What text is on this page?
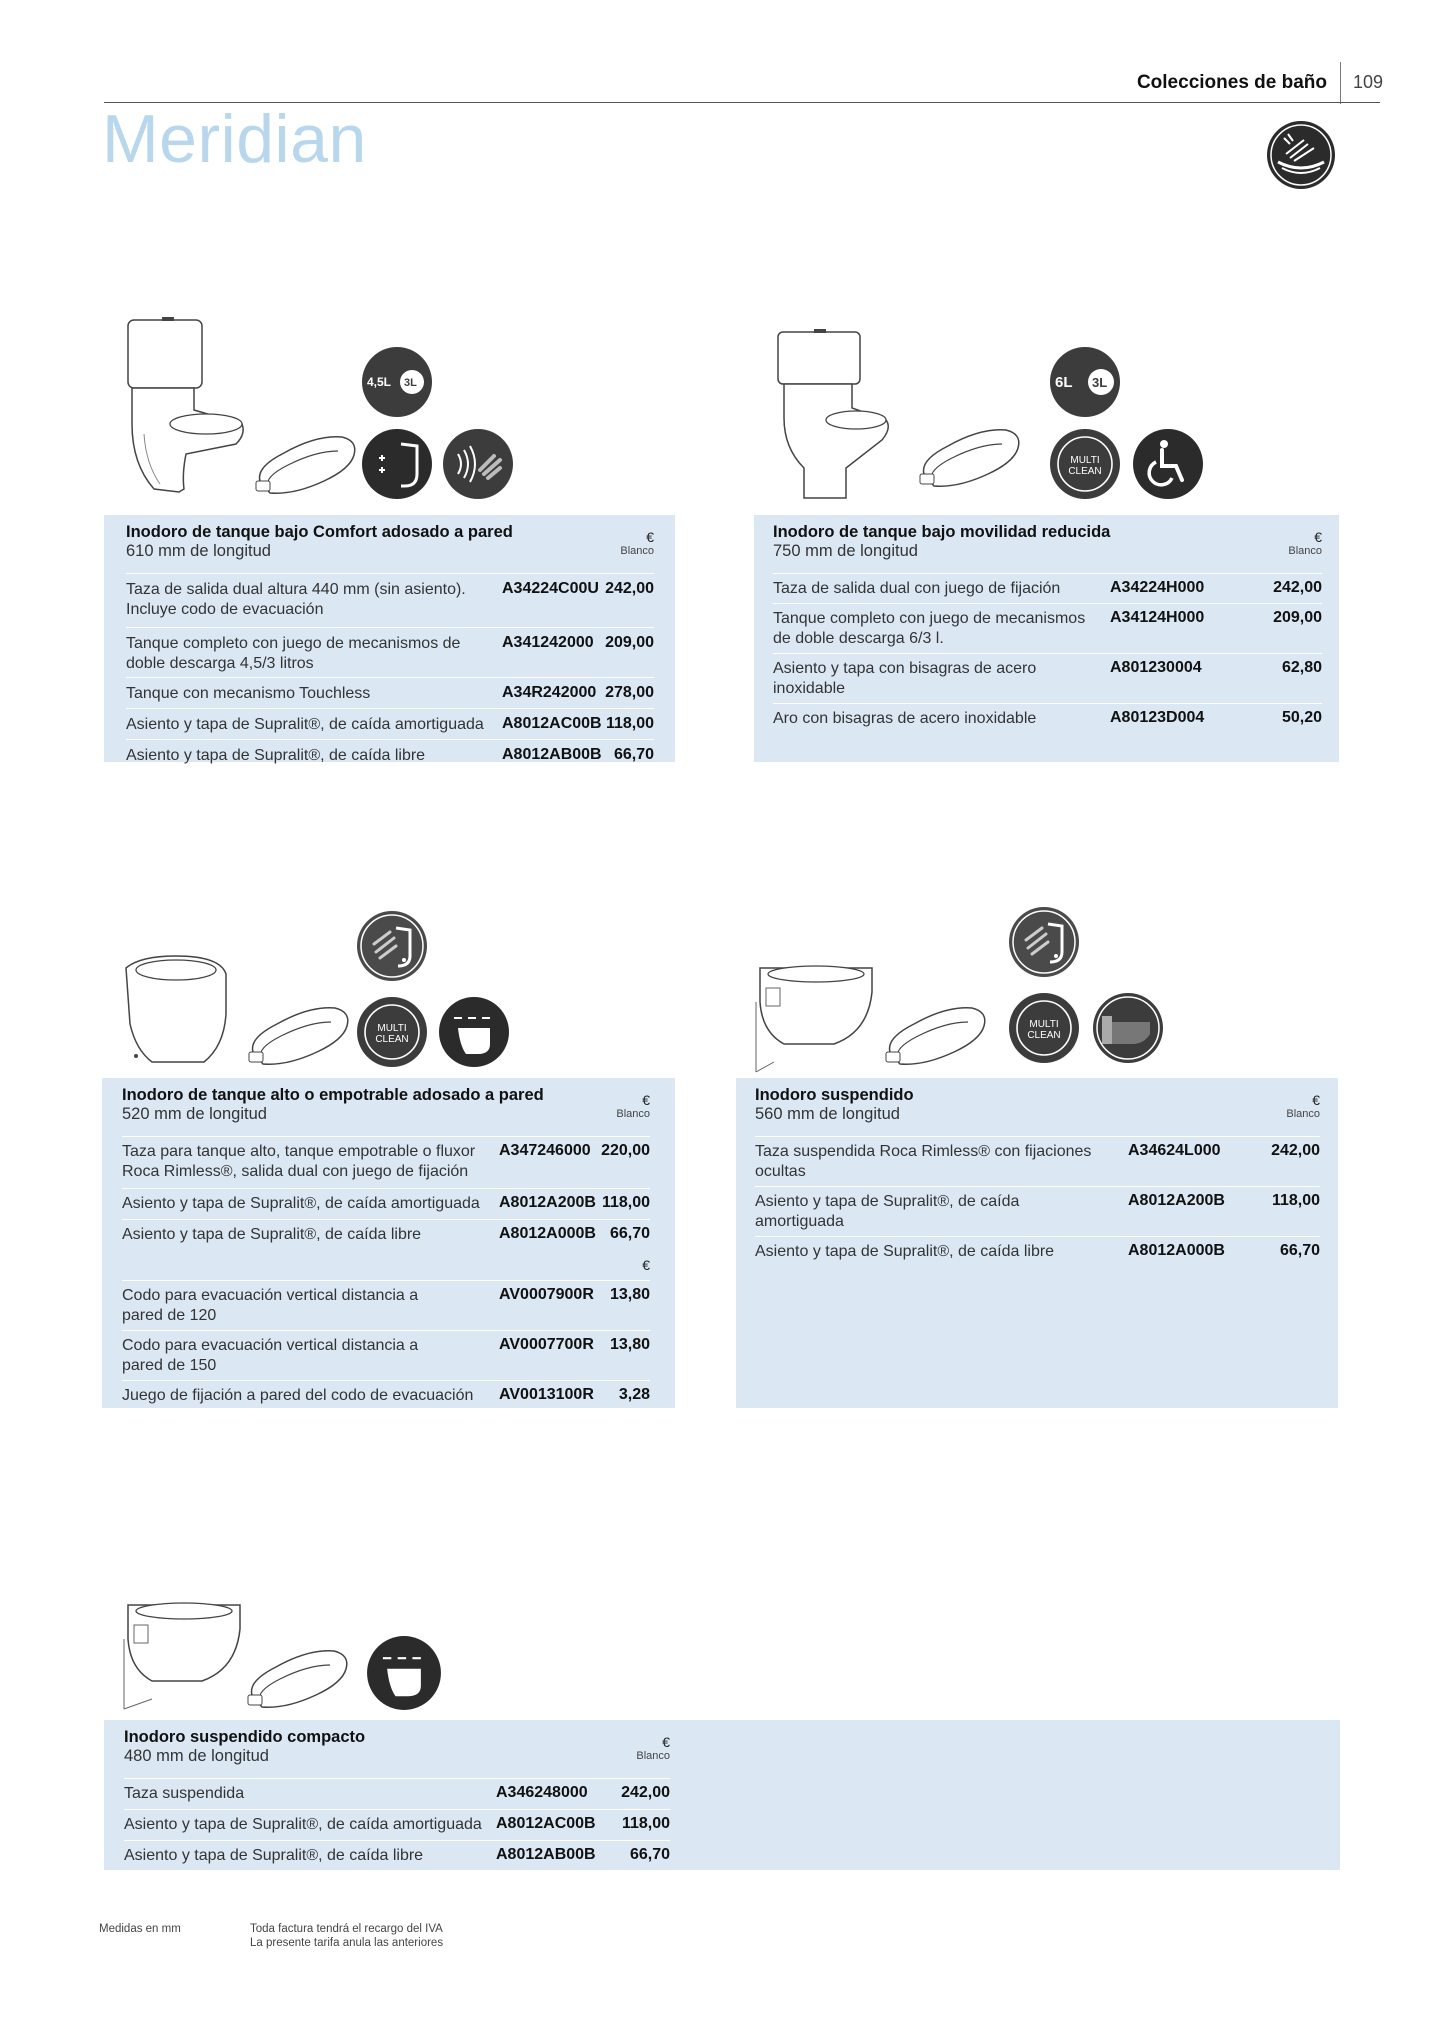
Colecciones de baño 109
Meridian
4,5L 3L
Inodoro de tanque bajo Comfort adosado a pared
610 mm de longitud
€
Blanco
Taza de salida dual altura 440 mm (sin asiento). Incluye codo de evacuación
A34224C00U 242,00
Tanque completo con juego de mecanismos de doble descarga 4,5/3 litros
A341242000 209,00
Tanque con mecanismo Touchless	A34R242000 278,00
Asiento y tapa de Supralit®, de caída amortiguada	A8012AC00B 118,00
Asiento y tapa de Supralit®, de caída libre	A8012AB00B 66,70
6L 3L
MULTI
CLEAN
Inodoro de tanque bajo movilidad reducida
750 mm de longitud
€
Blanco
Taza de salida dual con juego de fijación	A34224H000	242,00
Tanque completo con juego de mecanismos de doble descarga 6/3 l.
A34124H000	209,00
Asiento y tapa con bisagras de acero inoxidable
A801230004	62,80
Aro con bisagras de acero inoxidable	A80123D004	50,20
MULTI
CLEAN
Inodoro de tanque alto o empotrable adosado a pared
520 mm de longitud
€
Blanco
Taza para tanque alto, tanque empotrable o fluxor Roca Rimless®, salida dual con juego de fijación
A347246000 220,00
Asiento y tapa de Supralit®, de caída amortiguada	A8012A200B 118,00
Asiento y tapa de Supralit®, de caída libre	A8012A000B 66,70
€
Codo para evacuación vertical distancia a pared de 120
AV0007900R 13,80
Codo para evacuación vertical distancia a pared de 150
AV0007700R 13,80
Juego de fijación a pared del codo de evacuación	AV0013100R 3,28
MULTI
CLEAN
Inodoro suspendido
560 mm de longitud
€
Blanco
Taza suspendida Roca Rimless® con fijaciones ocultas
A34624L000	242,00
Asiento y tapa de Supralit®, de caída amortiguada
A8012A200B	118,00
Asiento y tapa de Supralit®, de caída libre	A8012A000B	66,70
Inodoro suspendido compacto
480 mm de longitud
€
Blanco
Taza suspendida	A346248000 242,00
Asiento y tapa de Supralit®, de caída amortiguada A8012AC00B 118,00
Asiento y tapa de Supralit®, de caída libre	A8012AB00B 66,70
Medidas en mm	Toda factura tendrá el recargo del IVA
La presente tarifa anula las anteriores
